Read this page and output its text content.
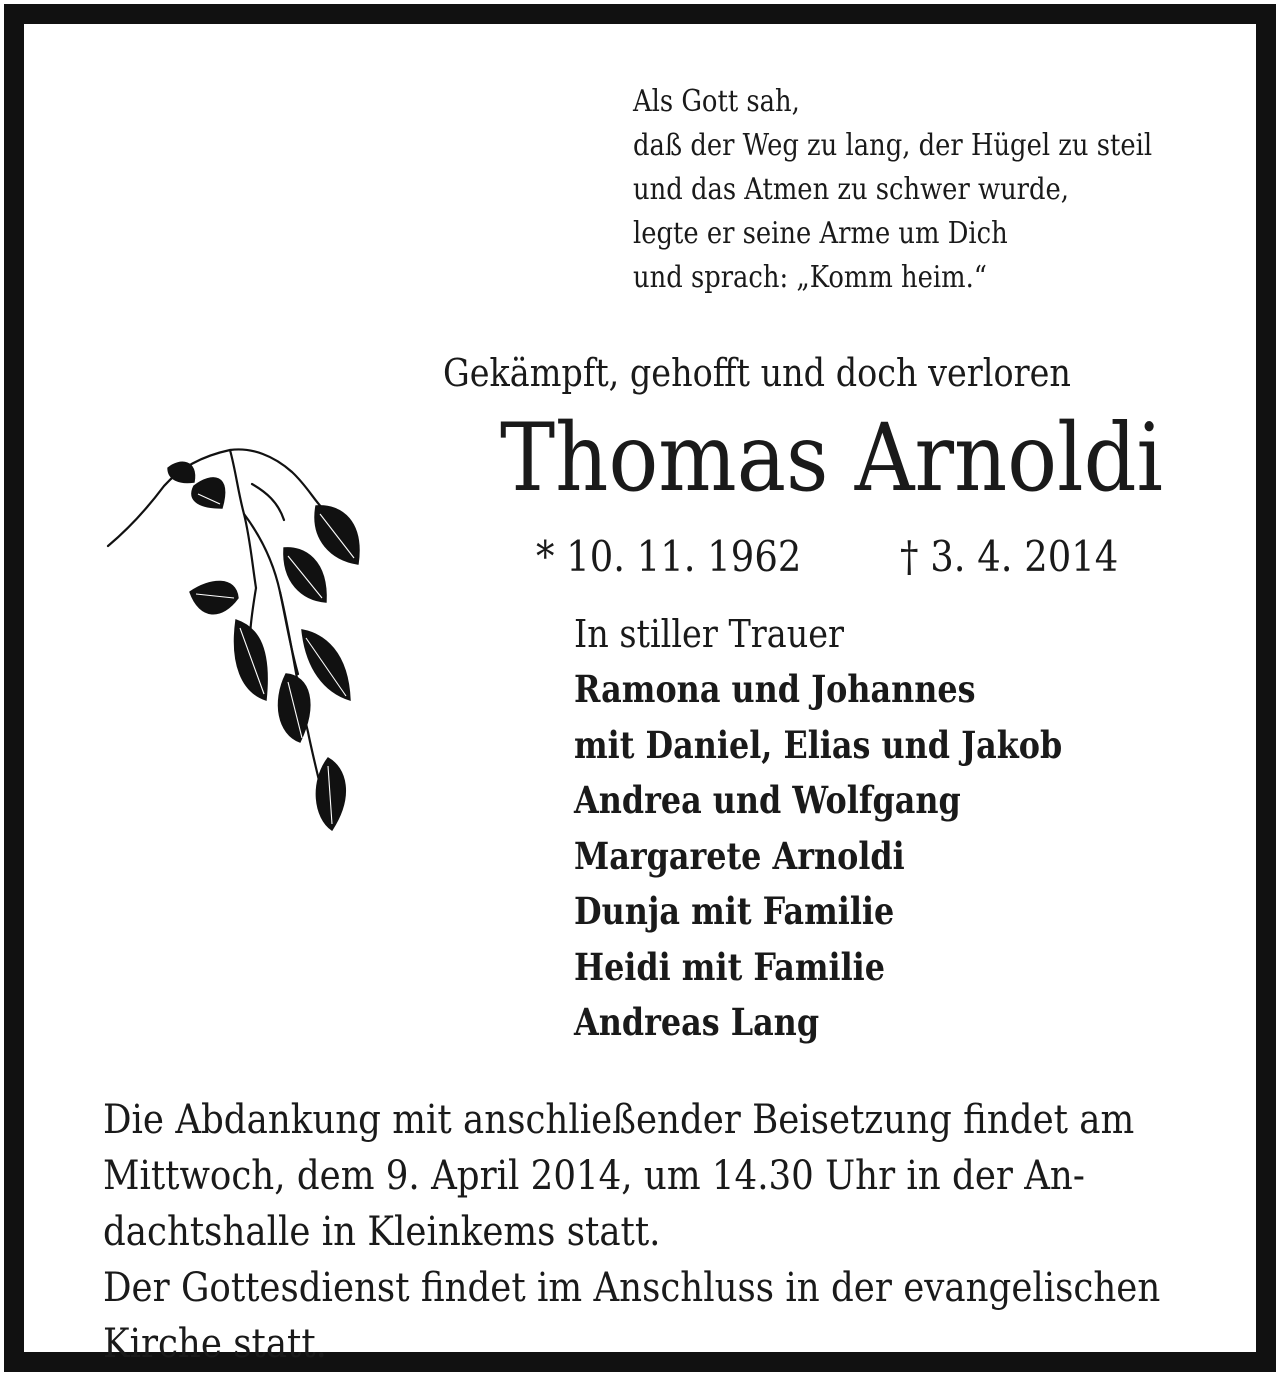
Als Gott sah,
daß der Weg zu lang, der Hügel zu steil
und das Atmen zu schwer wurde,
legte er seine Arme um Dich
und sprach: „Komm heim.“
Gekämpft, gehofft und doch verloren
Thomas Arnoldi
* 10. 11. 1962 † 3. 4. 2014
In stiller Trauer
Ramona und Johannes
mit Daniel, Elias und Jakob
Andrea und Wolfgang
Margarete Arnoldi
Dunja mit Familie
Heidi mit Familie
Andreas Lang
Die Abdankung mit anschließender Beisetzung findet am
Mittwoch, dem 9. April 2014, um 14.30 Uhr in der An-
dachtshalle in Kleinkems statt.
Der Gottesdienst findet im Anschluss in der evangelischen
Kirche statt.
